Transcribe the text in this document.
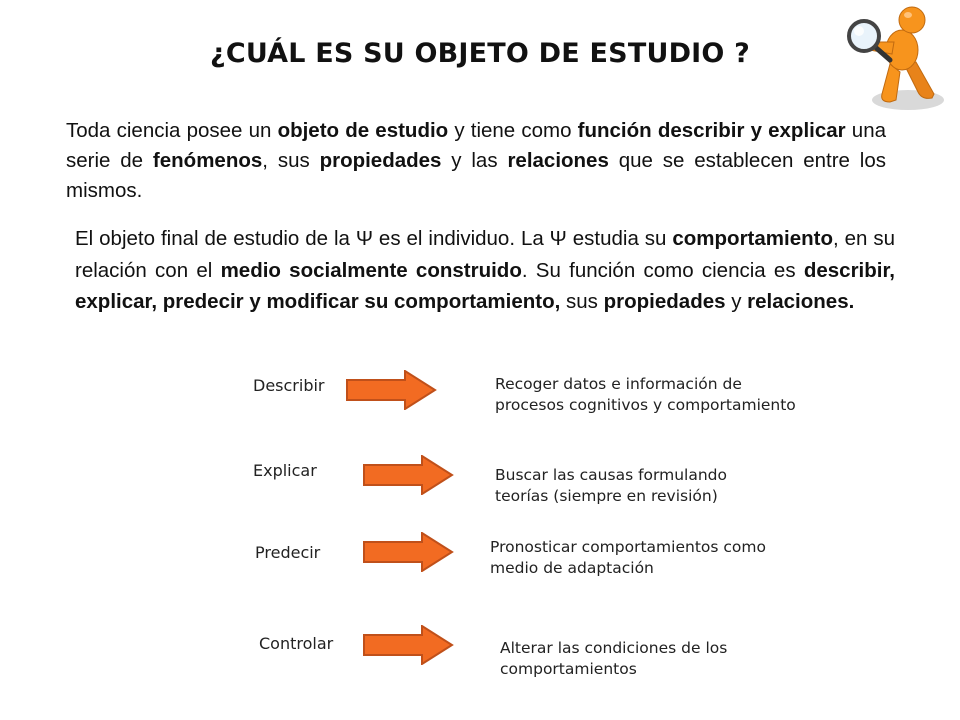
¿CUÁL ES SU OBJETO DE ESTUDIO ?
Toda ciencia posee un objeto de estudio y tiene como función describir y explicar una serie de fenómenos, sus propiedades y las relaciones que se establecen entre los mismos.
El objeto final de estudio de la Ψ es el individuo. La Ψ estudia su comportamiento, en su relación con el medio socialmente construido. Su función como ciencia es describir, explicar, predecir y modificar su comportamiento, sus propiedades y relaciones.
Describir	Recoger datos e información de
procesos cognitivos y comportamiento
Explicar	Buscar las causas formulando
teorías (siempre en revisión)
Predecir	Pronosticar comportamientos como
medio de adaptación
Controlar	Alterar las condiciones de los
comportamientos
